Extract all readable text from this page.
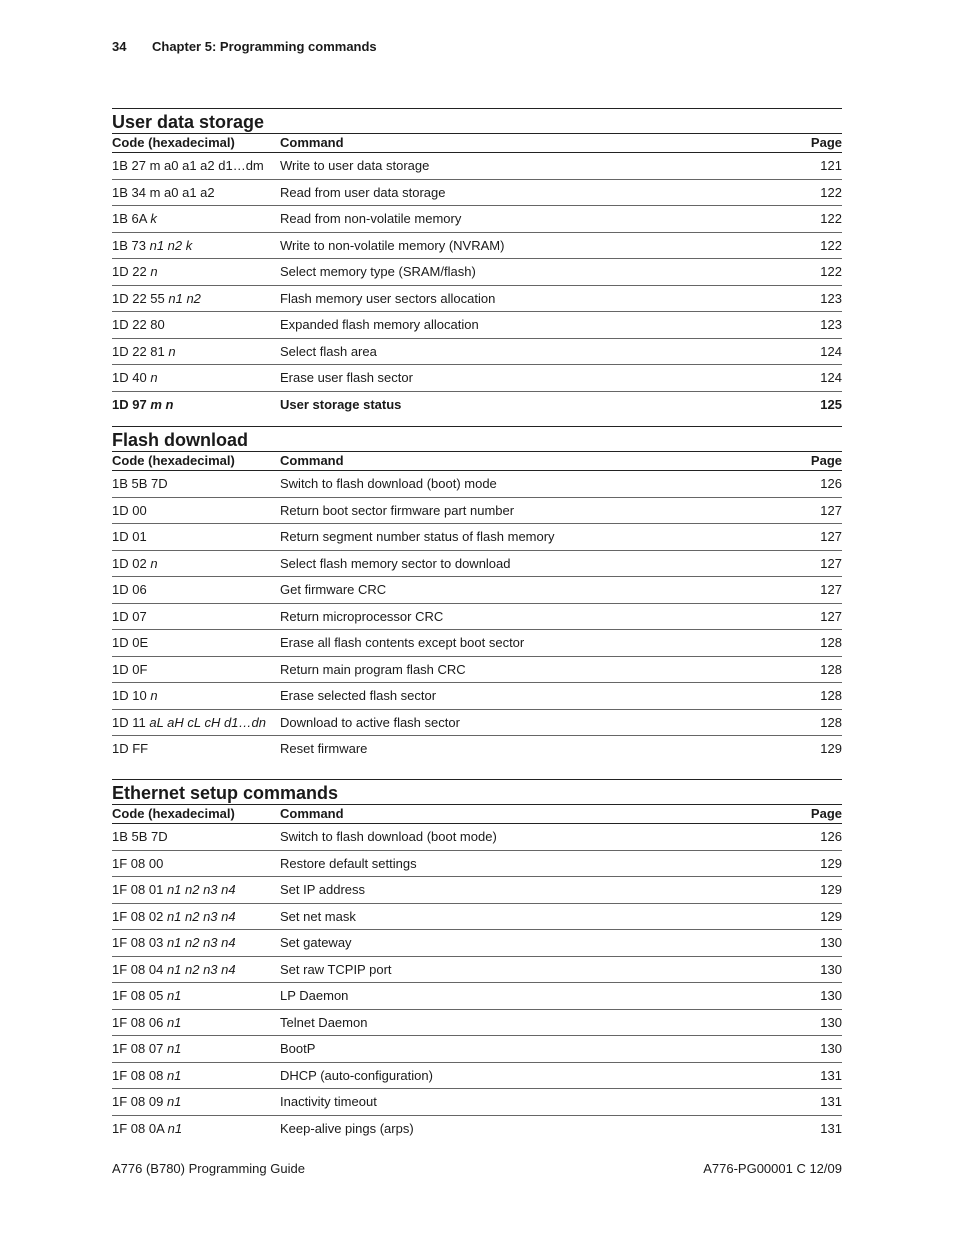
34 Chapter 5: Programming commands
User data storage
Code (hexadecimal)	Command	Page
1B 27 m a0 a1 a2 d1…dm	Write to user data storage	121
1B 34 m a0 a1 a2	Read from user data storage	122
1B 6A k	Read from non-volatile memory	122
1B 73 n1 n2 k	Write to non-volatile memory (NVRAM)	122
1D 22 n	Select memory type (SRAM/flash)	122
1D 22 55 n1 n2	Flash memory user sectors allocation	123
1D 22 80	Expanded flash memory allocation	123
1D 22 81 n	Select flash area	124
1D 40 n	Erase user flash sector	124
1D 97 m n	User storage status	125
Flash download
Code (hexadecimal)	Command	Page
1B 5B 7D	Switch to flash download (boot) mode	126
1D 00	Return boot sector firmware part number	127
1D 01	Return segment number status of flash memory	127
1D 02 n	Select flash memory sector to download	127
1D 06	Get firmware CRC	127
1D 07	Return microprocessor CRC	127
1D 0E	Erase all flash contents except boot sector	128
1D 0F	Return main program flash CRC	128
1D 10 n	Erase selected flash sector	128
1D 11 aL aH cL cH d1…dn	Download to active flash sector	128
1D FF	Reset firmware	129
Ethernet setup commands
Code (hexadecimal)	Command	Page
1B 5B 7D	Switch to flash download (boot mode)	126
1F 08 00	Restore default settings	129
1F 08 01 n1 n2 n3 n4	Set IP address	129
1F 08 02 n1 n2 n3 n4	Set net mask	129
1F 08 03 n1 n2 n3 n4	Set gateway	130
1F 08 04 n1 n2 n3 n4	Set raw TCPIP port	130
1F 08 05 n1	LP Daemon	130
1F 08 06 n1	Telnet Daemon	130
1F 08 07 n1	BootP	130
1F 08 08 n1	DHCP (auto-configuration)	131
1F 08 09 n1	Inactivity timeout	131
1F 08 0A n1	Keep-alive pings (arps)	131
A776 (B780) Programming Guide	A776-PG00001 C 12/09
